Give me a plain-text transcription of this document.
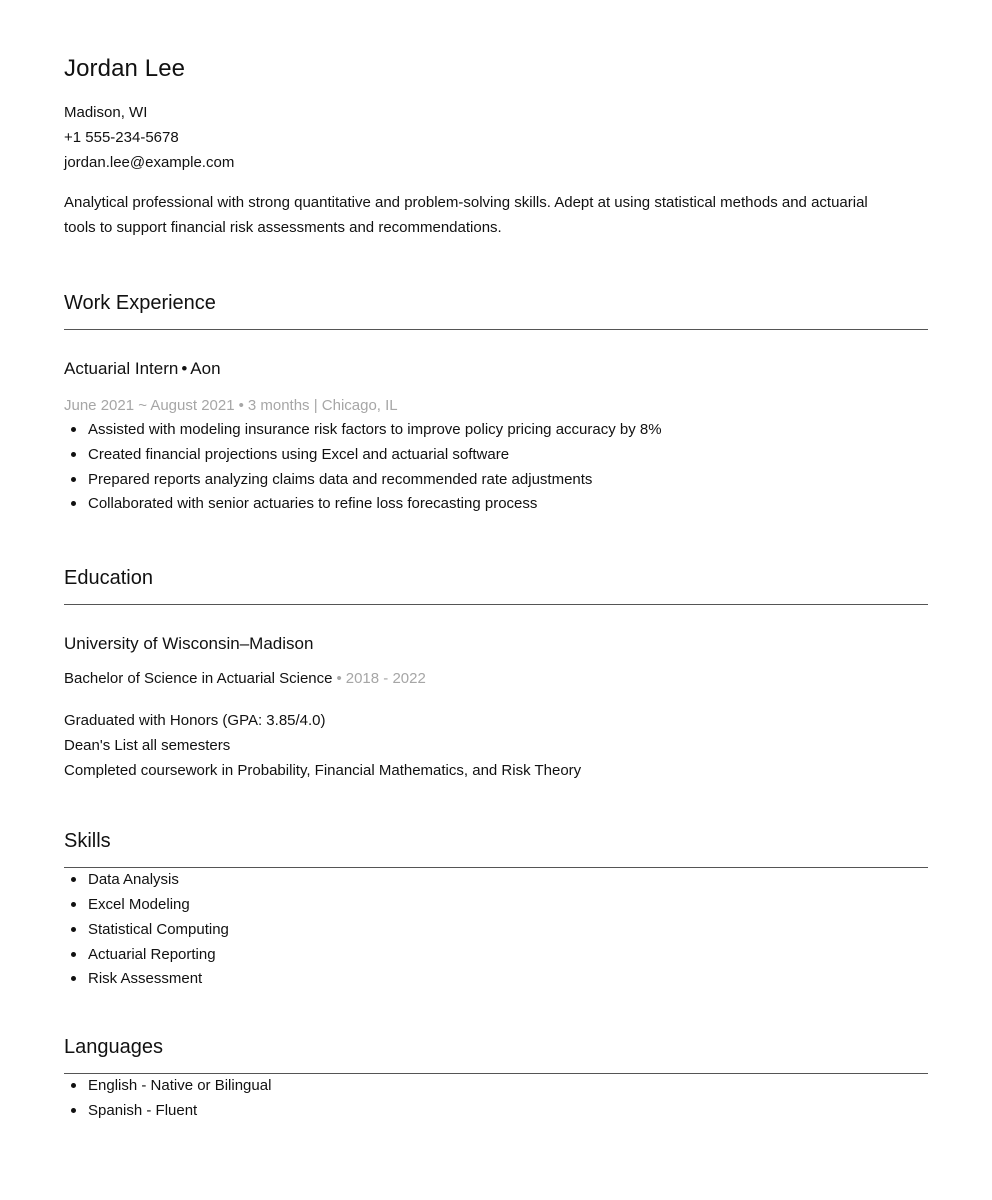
Jordan Lee
Madison, WI
+1 555-234-5678
jordan.lee@example.com
Analytical professional with strong quantitative and problem-solving skills. Adept at using statistical methods and actuarial tools to support financial risk assessments and recommendations.
Work Experience
Actuarial Intern • Aon
June 2021 ~ August 2021 • 3 months | Chicago, IL
Assisted with modeling insurance risk factors to improve policy pricing accuracy by 8%
Created financial projections using Excel and actuarial software
Prepared reports analyzing claims data and recommended rate adjustments
Collaborated with senior actuaries to refine loss forecasting process
Education
University of Wisconsin–Madison
Bachelor of Science in Actuarial Science • 2018 - 2022
Graduated with Honors (GPA: 3.85/4.0)
Dean's List all semesters
Completed coursework in Probability, Financial Mathematics, and Risk Theory
Skills
Data Analysis
Excel Modeling
Statistical Computing
Actuarial Reporting
Risk Assessment
Languages
English - Native or Bilingual
Spanish - Fluent
